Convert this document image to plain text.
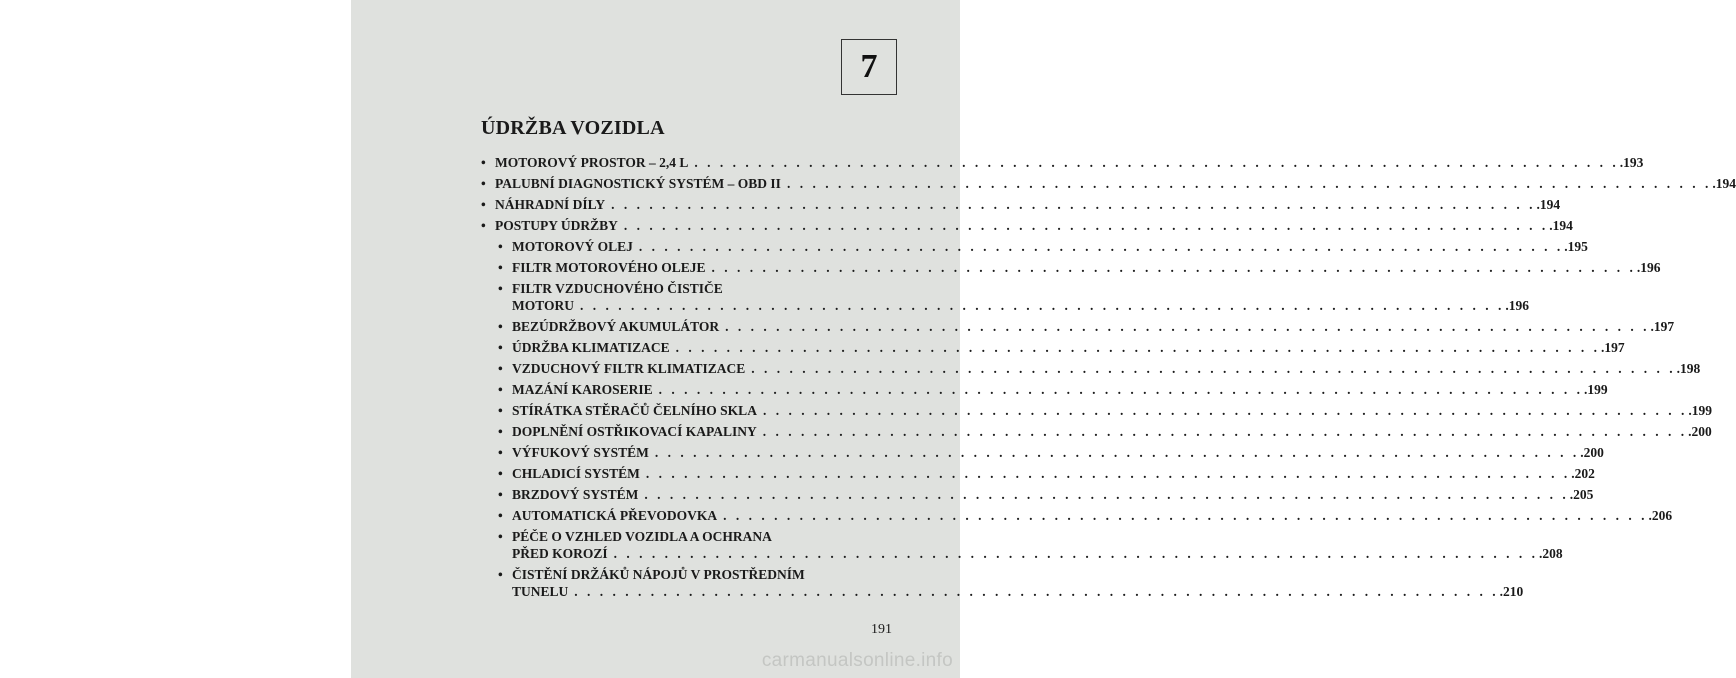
7
ÚDRŽBA VOZIDLA
• MOTOROVÝ PROSTOR – 2,4 L . . .	.193
• PALUBNÍ DIAGNOSTICKÝ SYSTÉM – OBD II . . .	.194
• NÁHRADNÍ DÍLY . . .	.194
• POSTUPY ÚDRŽBY . . .	.194
• MOTOROVÝ OLEJ . . .	.195
• FILTR MOTOROVÉHO OLEJE . . .	.196
• FILTR VZDUCHOVÉHO ČISTIČE
MOTORU . . .	.196
• BEZÚDRŽBOVÝ AKUMULÁTOR . . .	.197
• ÚDRŽBA KLIMATIZACE . . .	.197
• VZDUCHOVÝ FILTR KLIMATIZACE . . .	.198
• MAZÁNÍ KAROSERIE . . .	.199
• STÍRÁTKA STĚRAČŮ ČELNÍHO SKLA . . .	.199
• DOPLNĚNÍ OSTŘIKOVACÍ KAPALINY . . .	.200
• VÝFUKOVÝ SYSTÉM . . .	.200
• CHLADICÍ SYSTÉM . . .	.202
• BRZDOVÝ SYSTÉM . . .	.205
• AUTOMATICKÁ PŘEVODOVKA . . .	.206
• PÉČE O VZHLED VOZIDLA A OCHRANA
PŘED KOROZÍ . . .	.208
• ČISTĚNÍ DRŽÁKŮ NÁPOJŮ V PROSTŘEDNÍM
TUNELU . . .	.210
191
carmanualsonline.info
